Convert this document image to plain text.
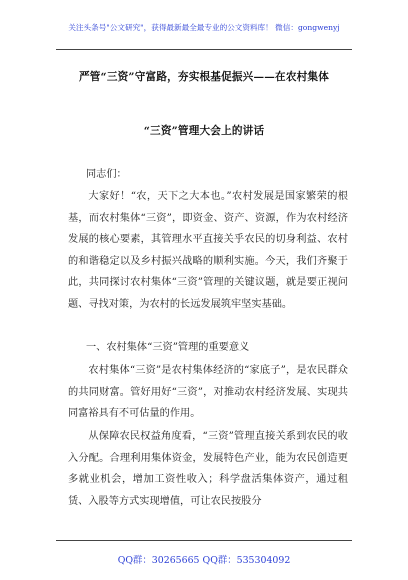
关注头条号"公文研究"，获得最新最全最专业的公文资料库！ 微信：gongwenyj
严管“三资”守富路，夯实根基促振兴——在农村集体
“三资”管理大会上的讲话
同志们：

大家好！“农，天下之大本也。”农村发展是国家繁荣的根基，而农村集体“三资”，即资金、资产、资源，作为农村经济发展的核心要素，其管理水平直接关乎农民的切身利益、农村的和谐稳定以及乡村振兴战略的顺利实施。今天，我们齐聚于此，共同探讨农村集体“三资”管理的关键议题，就是要正视问题、寻找对策，为农村的长远发展筑牢坚实基础。

一、农村集体“三资”管理的重要意义

农村集体“三资”是农村集体经济的“家底子”，是农民群众的共同财富。管好用好“三资”，对推动农村经济发展、实现共同富裕具有不可估量的作用。

从保障农民权益角度看，“三资”管理直接关系到农民的收入分配。合理利用集体资金，发展特色产业，能为农民创造更多就业机会，增加工资性收入；科学盘活集体资产，通过租赁、入股等方式实现增值，可让农民按股分

QQ群：30265665 QQ群：535304092
